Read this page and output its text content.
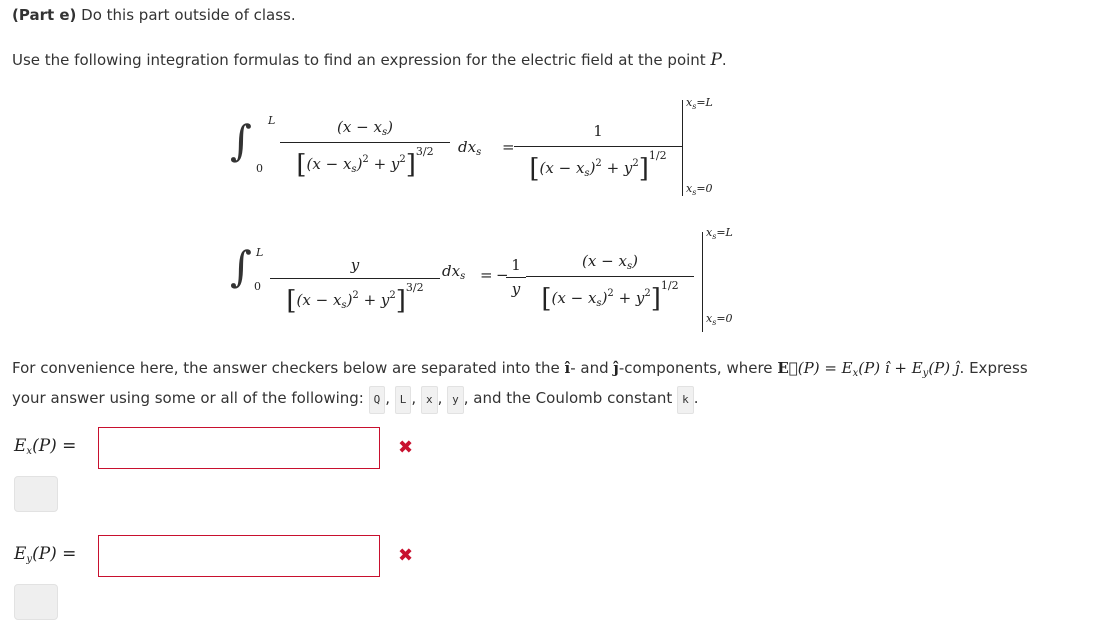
(Part e) Do this part outside of class.
Use the following integration formulas to find an expression for the electric field at the point P.
∫ L
$0 \frac{(x - x_s)}{[(x - x_s)^2 + y^2]^{3/2}} dx_s = \frac{1}{[(x - x_s)^2 + y^2]^{1/2}}$
$x_s=L$
$x_s=0$
∫ L
$0 \frac{y}{[(x - x_s)^2 + y^2]^{3/2}} dx_s$ = −
$\frac{1}{y} \frac{(x - x_s)}{[(x - x_s)^2 + y^2]^{1/2}}$
$x_s=L$
$x_s=0$
For convenience here, the answer checkers below are separated into the î- and ĵ-components, where E⃗(P) = $E_x(P)$ î + $E_y(P)$ ĵ. Express
your answer using some or all of the following: Q , L , x , y , and the Coulomb constant k .
$E_x(P)$ =	✖
$E_y(P)$ =	✖
